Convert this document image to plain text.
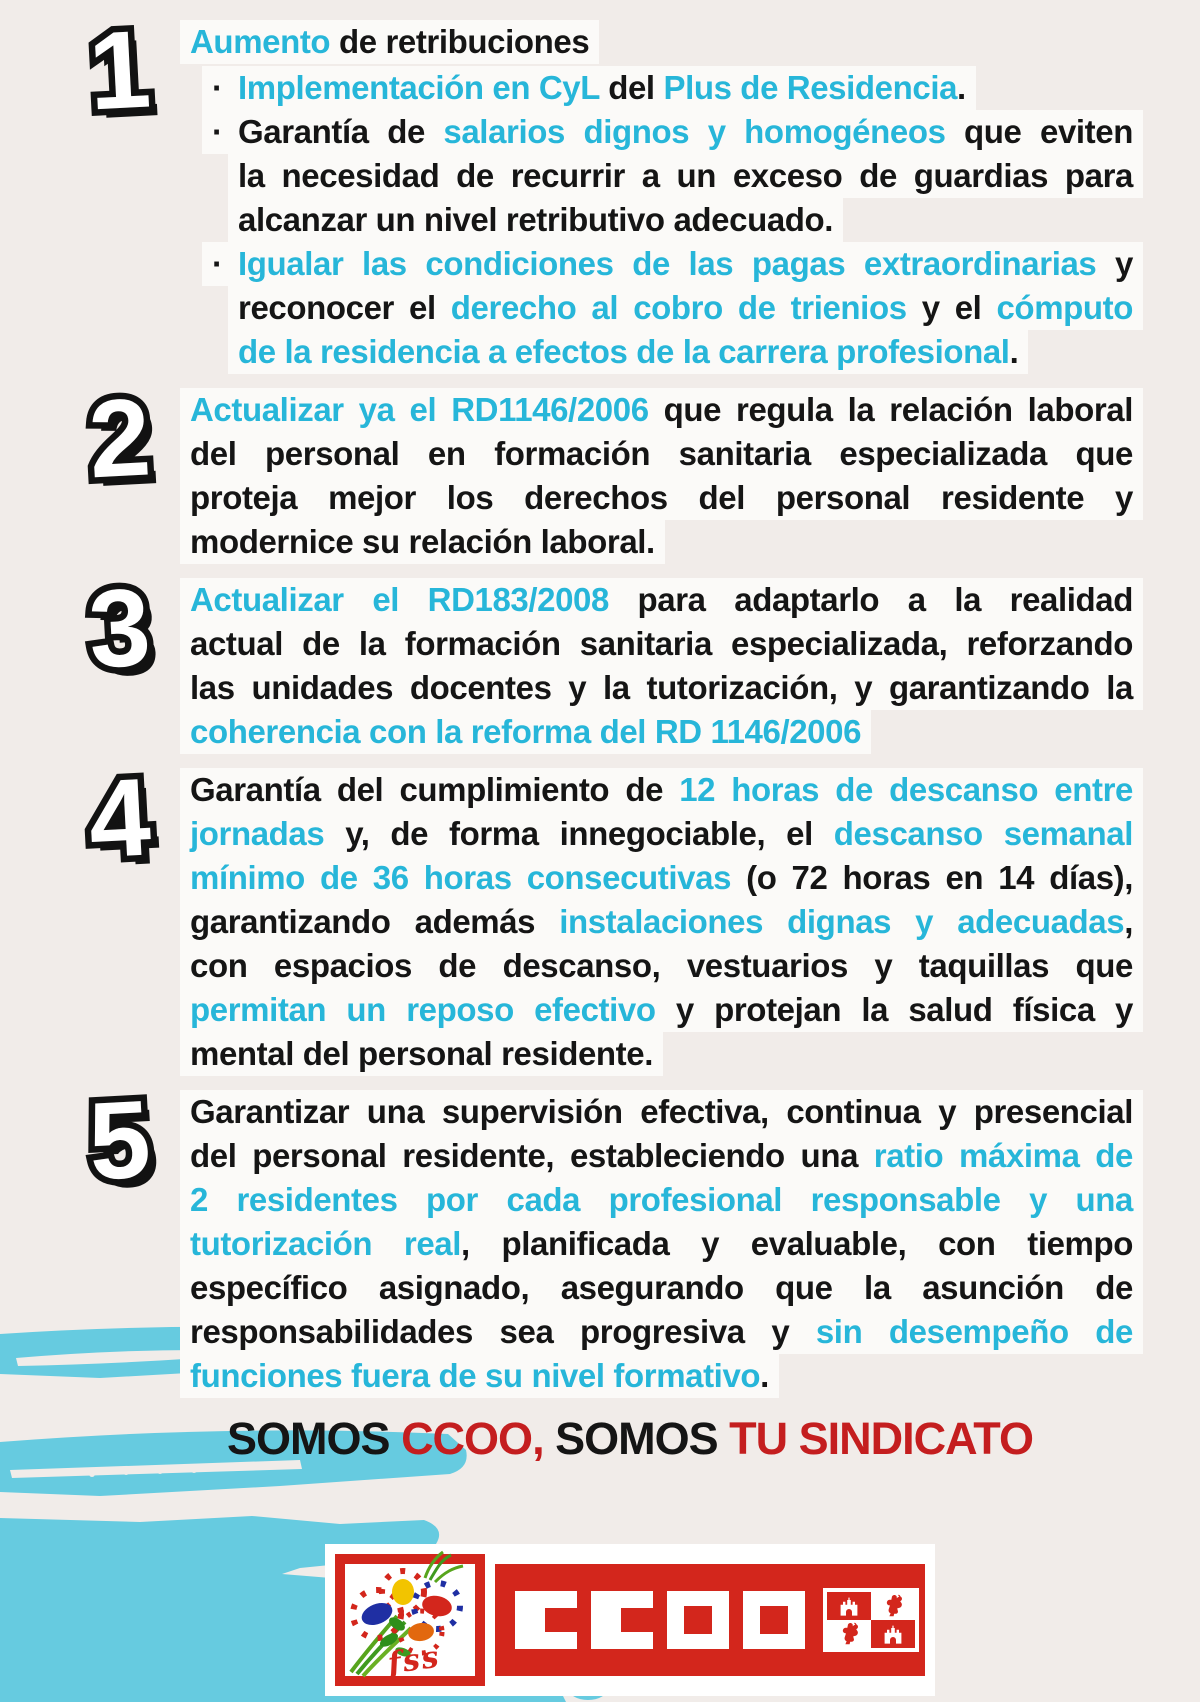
1 1	Aumento de retribuciones
· Implementación en CyL del Plus de Residencia.
· Garantía de salarios dignos y homogéneos que eviten
la necesidad de recurrir a un exceso de guardias para
alcanzar un nivel retributivo adecuado.
· Igualar las condiciones de las pagas extraordinarias y
reconocer el derecho al cobro de trienios y el cómputo
de la residencia a efectos de la carrera profesional.
2 2	Actualizar ya el RD1146/2006 que regula la relación laboral
del personal en formación sanitaria especializada que
proteja mejor los derechos del personal residente y
modernice su relación laboral.
3 3	Actualizar el RD183/2008 para adaptarlo a la realidad
actual de la formación sanitaria especializada, reforzando
las unidades docentes y la tutorización, y garantizando la
coherencia con la reforma del RD 1146/2006
4 4	Garantía del cumplimiento de 12 horas de descanso entre
jornadas y, de forma innegociable, el descanso semanal
mínimo de 36 horas consecutivas (o 72 horas en 14 días),
garantizando además instalaciones dignas y adecuadas,
con espacios de descanso, vestuarios y taquillas que
permitan un reposo efectivo y protejan la salud física y
mental del personal residente.
5 5	Garantizar una supervisión efectiva, continua y presencial
del personal residente, estableciendo una ratio máxima de
2 residentes por cada profesional responsable y una
tutorización real, planificada y evaluable, con tiempo
específico asignado, asegurando que la asunción de
responsabilidades sea progresiva y sin desempeño de
funciones fuera de su nivel formativo.
SOMOS CCOO, SOMOS TU SINDICATO
fss
